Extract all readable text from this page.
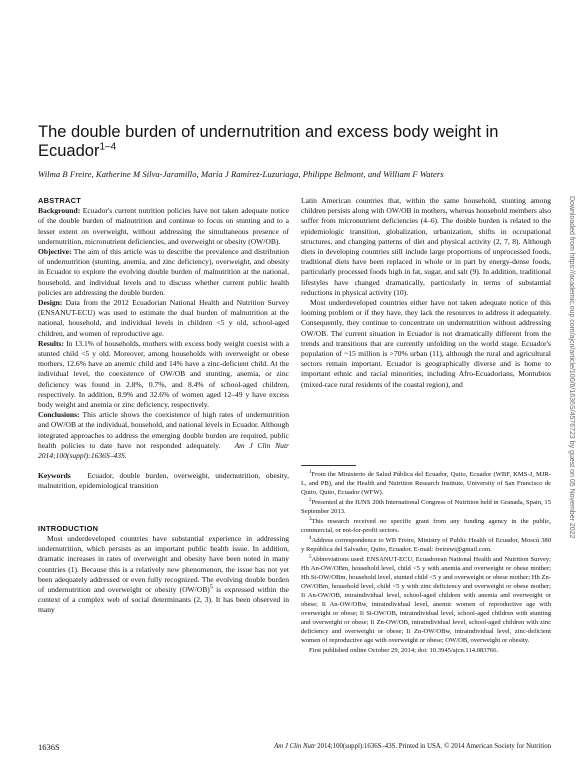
The double burden of undernutrition and excess body weight in Ecuador$^{1-4}$
Wilma B Freire, Katherine M Silva-Jaramillo, María J Ramírez-Luzuriaga, Philippe Belmont, and William F Waters

ABSTRACT

Background: Ecuador's current nutrition policies have not taken adequate notice of the double burden of malnutrition and continue to focus on stunting and to a lesser extent on overweight, without addressing the simultaneous presence of undernutrition, micronutrient deficiencies, and overweight or obesity (OW/OB).

Objective: The aim of this article was to describe the prevalence and distribution of undernutrition (stunting, anemia, and zinc deficiency), overweight, and obesity in Ecuador to explore the evolving double burden of malnutrition at the national, household, and individual levels and to discuss whether current public health policies are addressing the double burden.

Design: Data from the 2012 Ecuadorian National Health and Nutrition Survey (ENSANUT-ECU) was used to estimate the dual burden of malnutrition at the national, household, and individual levels in children <5 y old, school-aged children, and women of reproductive age.

Results: In 13.1% of households, mothers with excess body weight coexist with a stunted child <5 y old. Moreover, among households with overweight or obese mothers, 12.6% have an anemic child and 14% have a zinc-deficient child. At the individual level, the coexistence of OW/OB and stunting, anemia, or zinc deficiency was found in 2.8%, 0.7%, and 8.4% of school-aged children, respectively. In addition, 8.9% and 32.6% of women aged 12–49 y have excess body weight and anemia or zinc deficiency, respectively.

Conclusions: This article shows the coexistence of high rates of undernutrition and OW/OB at the individual, household, and national levels in Ecuador. Although integrated approaches to address the emerging double burden are required, public health policies to date have not responded adequately. Am J Clin Nutr 2014;100(suppl):1636S–43S.

Keywords Ecuador, double burden, overweight, undernutrition, obesity, malnutrition, epidemiological transition

INTRODUCTION

Most underdeveloped countries have substantial experience in addressing undernutrition, which persists as an important public health issue. In addition, dramatic increases in rates of overweight and obesity have been noted in many countries (1). Because this is a relatively new phenomenon, the issue has not yet been adequately addressed or even fully recognized. The evolving double burden of undernutrition and overweight or obesity $(OW/OB)^5$ is expressed within the context of a complex web of social determinants (2, 3). It has been observed in many

Latin American countries that, within the same household, stunting among children persists along with OW/OB in mothers, whereas household members also suffer from micronutrient deficiencies (4–6). The double burden is related to the epidemiologic transition, globalization, urbanization, shifts in occupational structures, and changing patterns of diet and physical activity (2, 7, 8). Although diets in developing countries still include large proportions of unprocessed foods, traditional diets have been replaced in whole or in part by energy-dense foods, particularly processed foods high in fat, sugar, and salt (9). In addition, traditional lifestyles have changed dramatically, particularly in terms of substantial reductions in physical activity (10).

Most underdeveloped countries either have not taken adequate notice of this looming problem or if they have, they lack the resources to address it adequately. Consequently, they continue to concentrate on undernutrition without addressing OW/OB. The current situation in Ecuador is not dramatically different from the trends and transitions that are currently unfolding on the world stage. Ecuador's population of ~15 million is >70% urban (11), although the rural and agricultural sectors remain important. Ecuador is geographically diverse and is home to important ethnic and racial minorities, including Afro-Ecuadorians, Montubios (mixed-race rural residents of the coastal region), and

$^1$From the Ministerio de Salud Pública del Ecuador, Quito, Ecuador (WBF, KMS-J, MJR-L, and PB), and the Health and Nutrition Research Institute, University of San Francisco de Quito, Quito, Ecuador (WFW).

$^2$Presented at the IUNS 20th International Congress of Nutrition held in Granada, Spain, 15 September 2013.

$^3$This research received no specific grant from any funding agency in the public, commercial, or not-for-profit sectors.

$^4$Address correspondence to WB Freire, Ministry of Public Health of Ecuador, Moscú 380 y República del Salvador, Quito, Ecuador. E-mail: freirewi@gmail.com.

$^5$Abbreviations used: ENSANUT-ECU, Ecuadorean National Health and Nutrition Survey; Hh An-OW/OBm, household level, child <5 y with anemia and overweight or obese mother; Hh St-OW/OBm, household level, stunted child <5 y and overweight or obese mother; Hh Zn-OW/OBm, household level, child <5 y with zinc deficiency and overweight or obese mother; Ii An-OW/OB, intraindividual level, school-aged children with anemia and overweight or obese; Ii An-OW/OBw, intraindividual level, anemic women of reproductive age with overweight or obese; Ii St-OW/OB, intraindividual level, school-aged children with stunting and overweight or obese; Ii Zn-OW/OB, intraindividual level, school-aged children with zinc deficiency and overweight or obese; Ii Zn-OW/OBw, intraindividual level, zinc-deficient women of reproductive age with overweight or obese; OW/OB, overweight or obesity.

First published online October 29, 2014; doi: 10.3945/ajcn.114.083766.

1636S	Am J Clin Nutr 2014;100(suppl):1636S–43S. Printed in USA. © 2014 American Society for Nutrition
Downloaded from https://academic.oup.com/ajcn/article/100/6/1636S/4576723 by guest on 05 November 2022
